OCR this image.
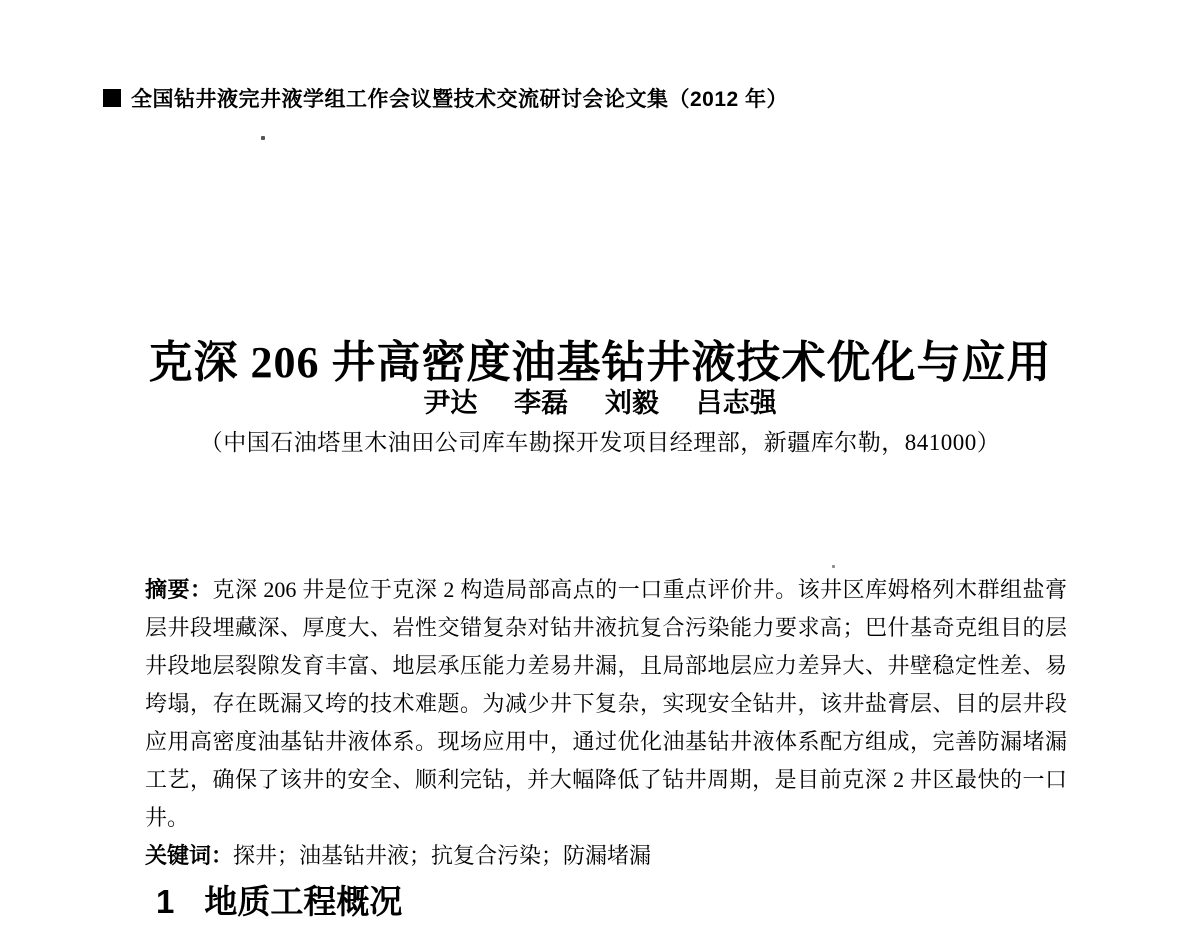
全国钻井液完井液学组工作会议暨技术交流研讨会论文集（2012 年）
克深 206 井高密度油基钻井液技术优化与应用
尹达 李磊 刘毅 吕志强
（中国石油塔里木油田公司库车勘探开发项目经理部，新疆库尔勒，841000）

摘要：克深 206 井是位于克深 2 构造局部高点的一口重点评价井。该井区库姆格列木群组盐膏层井段埋藏深、厚度大、岩性交错复杂对钻井液抗复合污染能力要求高；巴什基奇克组目的层井段地层裂隙发育丰富、地层承压能力差易井漏，且局部地层应力差异大、井壁稳定性差、易垮塌，存在既漏又垮的技术难题。为减少井下复杂，实现安全钻井，该井盐膏层、目的层井段应用高密度油基钻井液体系。现场应用中，通过优化油基钻井液体系配方组成，完善防漏堵漏工艺，确保了该井的安全、顺利完钻，并大幅降低了钻井周期，是目前克深 2 井区最快的一口井。

关键词：探井；油基钻井液；抗复合污染；防漏堵漏

1 地质工程概况
